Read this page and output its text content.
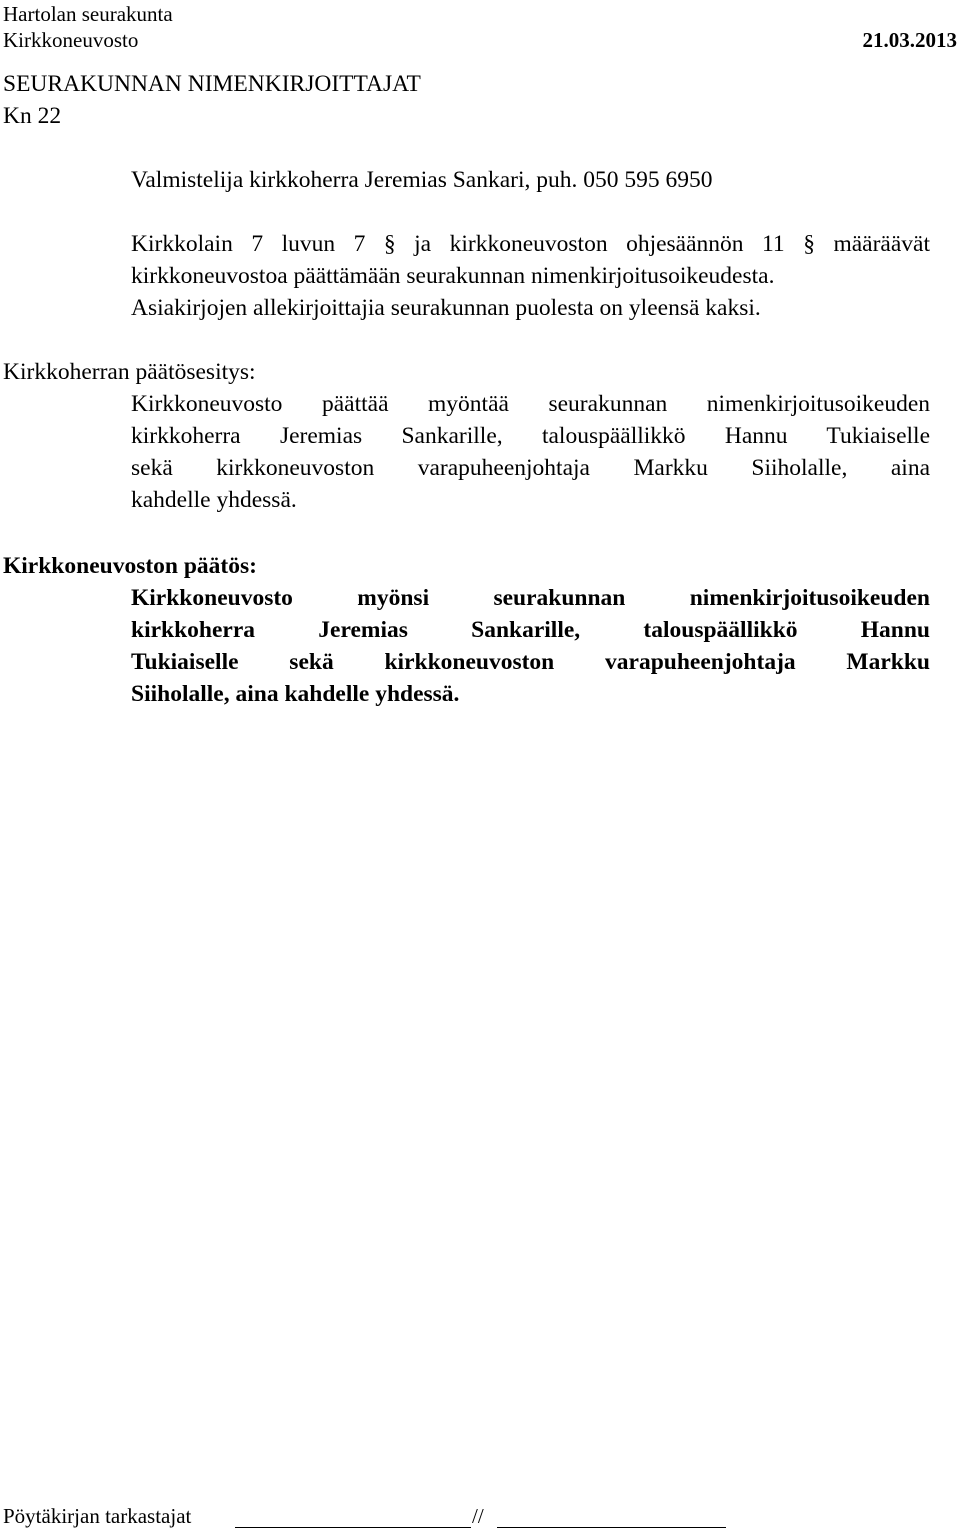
Hartolan seurakunta
Kirkkoneuvosto	21.03.2013
SEURAKUNNAN NIMENKIRJOITTAJAT
Kn 22
Valmistelija kirkkoherra Jeremias Sankari, puh. 050 595 6950

Kirkkolain 7 luvun 7 § ja kirkkoneuvoston ohjesäännön 11 § määräävät
kirkkoneuvostoa päättämään seurakunnan nimenkirjoitusoikeudesta.
Asiakirjojen allekirjoittajia seurakunnan puolesta on yleensä kaksi.

Kirkkoherran päätösesitys:

Kirkkoneuvosto päättää myöntää seurakunnan nimenkirjoitusoikeuden
kirkkoherra Jeremias Sankarille, talouspäällikkö Hannu Tukiaiselle
sekä kirkkoneuvoston varapuheenjohtaja Markku Siiholalle, aina
kahdelle yhdessä.

Kirkkoneuvoston päätös:

Kirkkoneuvosto myönsi seurakunnan nimenkirjoitusoikeuden
kirkkoherra Jeremias Sankarille, talouspäällikkö Hannu
Tukiaiselle sekä kirkkoneuvoston varapuheenjohtaja Markku
Siiholalle, aina kahdelle yhdessä.

Pöytäkirjan tarkastajat	//
